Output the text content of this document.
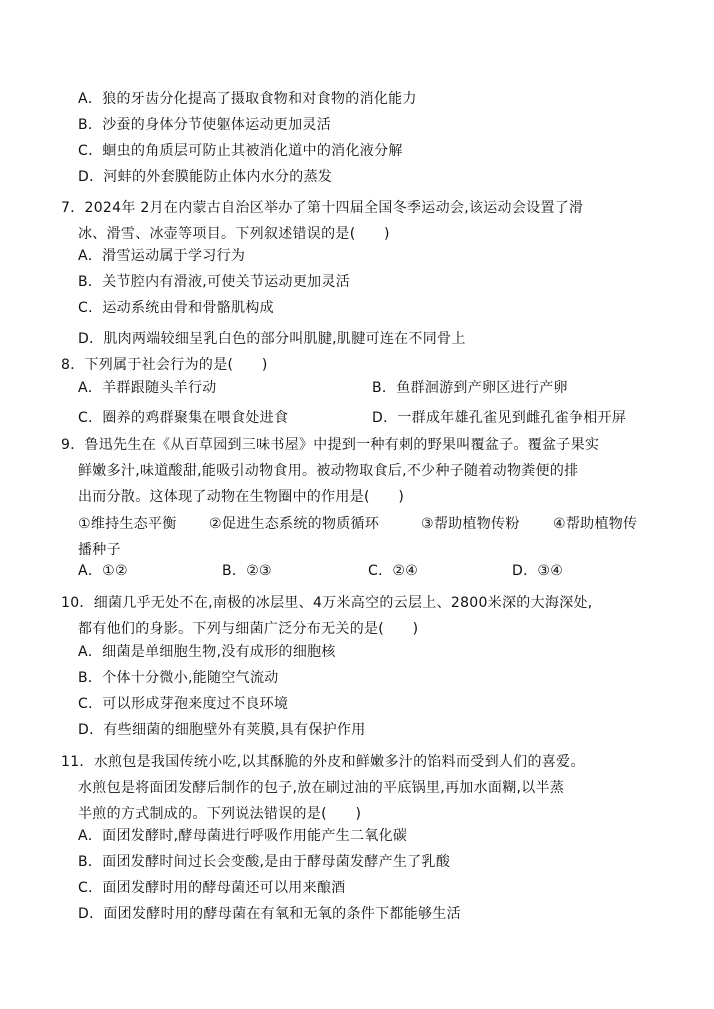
A．狼的牙齿分化提高了摄取食物和对食物的消化能力
B．沙蚕的身体分节使躯体运动更加灵活
C．蛔虫的角质层可防止其被消化道中的消化液分解
D．河蚌的外套膜能防止体内水分的蒸发
7．2024年 2月在内蒙古自治区举办了第十四届全国冬季运动会,该运动会设置了滑
冰、滑雪、冰壶等项目。下列叙述错误的是(　　)
A．滑雪运动属于学习行为
B．关节腔内有滑液,可使关节运动更加灵活
C．运动系统由骨和骨骼肌构成
D．肌肉两端较细呈乳白色的部分叫肌腱,肌腱可连在不同骨上
8．下列属于社会行为的是(　　)
A．羊群跟随头羊行动	B．鱼群洄游到产卵区进行产卵
C．圈养的鸡群聚集在喂食处进食	D．一群成年雄孔雀见到雌孔雀争相开屏
9．鲁迅先生在《从百草园到三味书屋》中提到一种有刺的野果叫覆盆子。覆盆子果实
鲜嫩多汁,味道酸甜,能吸引动物食用。被动物取食后,不少种子随着动物粪便的排
出而分散。这体现了动物在生物圈中的作用是(　　)
①维持生态平衡 ②促进生态系统的物质循环	③帮助植物传粉 ④帮助植物传
播种子
A．①②	B．②③	C．②④	D．③④
10．细菌几乎无处不在,南极的冰层里、4万米高空的云层上、2800米深的大海深处,
都有他们的身影。下列与细菌广泛分布无关的是(　　)
A．细菌是单细胞生物,没有成形的细胞核
B．个体十分微小,能随空气流动
C．可以形成芽孢来度过不良环境
D．有些细菌的细胞壁外有荚膜,具有保护作用
11．水煎包是我国传统小吃,以其酥脆的外皮和鲜嫩多汁的馅料而受到人们的喜爱。
水煎包是将面团发酵后制作的包子,放在刷过油的平底锅里,再加水面糊,以半蒸
半煎的方式制成的。下列说法错误的是(　　)
A．面团发酵时,酵母菌进行呼吸作用能产生二氧化碳
B．面团发酵时间过长会变酸,是由于酵母菌发酵产生了乳酸
C．面团发酵时用的酵母菌还可以用来酿酒
D．面团发酵时用的酵母菌在有氧和无氧的条件下都能够生活
